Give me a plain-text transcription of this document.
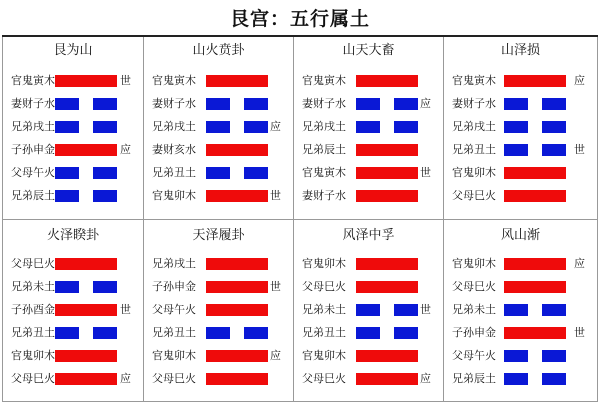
艮宫：五行属土
艮为山
官鬼寅木	世
妻财子水
兄弟戌土
子孙申金	应
父母午火
兄弟辰土
山火贲卦
官鬼寅木
妻财子水
兄弟戌土	应
妻财亥水
兄弟丑土
官鬼卯木	世
山天大畜
官鬼寅木
妻财子水	应
兄弟戌土
兄弟辰土
官鬼寅木	世
妻财子水
山泽损
官鬼寅木	应
妻财子水
兄弟戌土
兄弟丑土	世
官鬼卯木
父母巳火
火泽睽卦
父母巳火
兄弟未土
子孙酉金	世
兄弟丑土
官鬼卯木
父母巳火	应
天泽履卦
兄弟戌土
子孙申金	世
父母午火
兄弟丑土
官鬼卯木	应
父母巳火
风泽中孚
官鬼卯木
父母巳火
兄弟未土	世
兄弟丑土
官鬼卯木
父母巳火	应
风山渐
官鬼卯木	应
父母巳火
兄弟未土
子孙申金	世
父母午火
兄弟辰土
